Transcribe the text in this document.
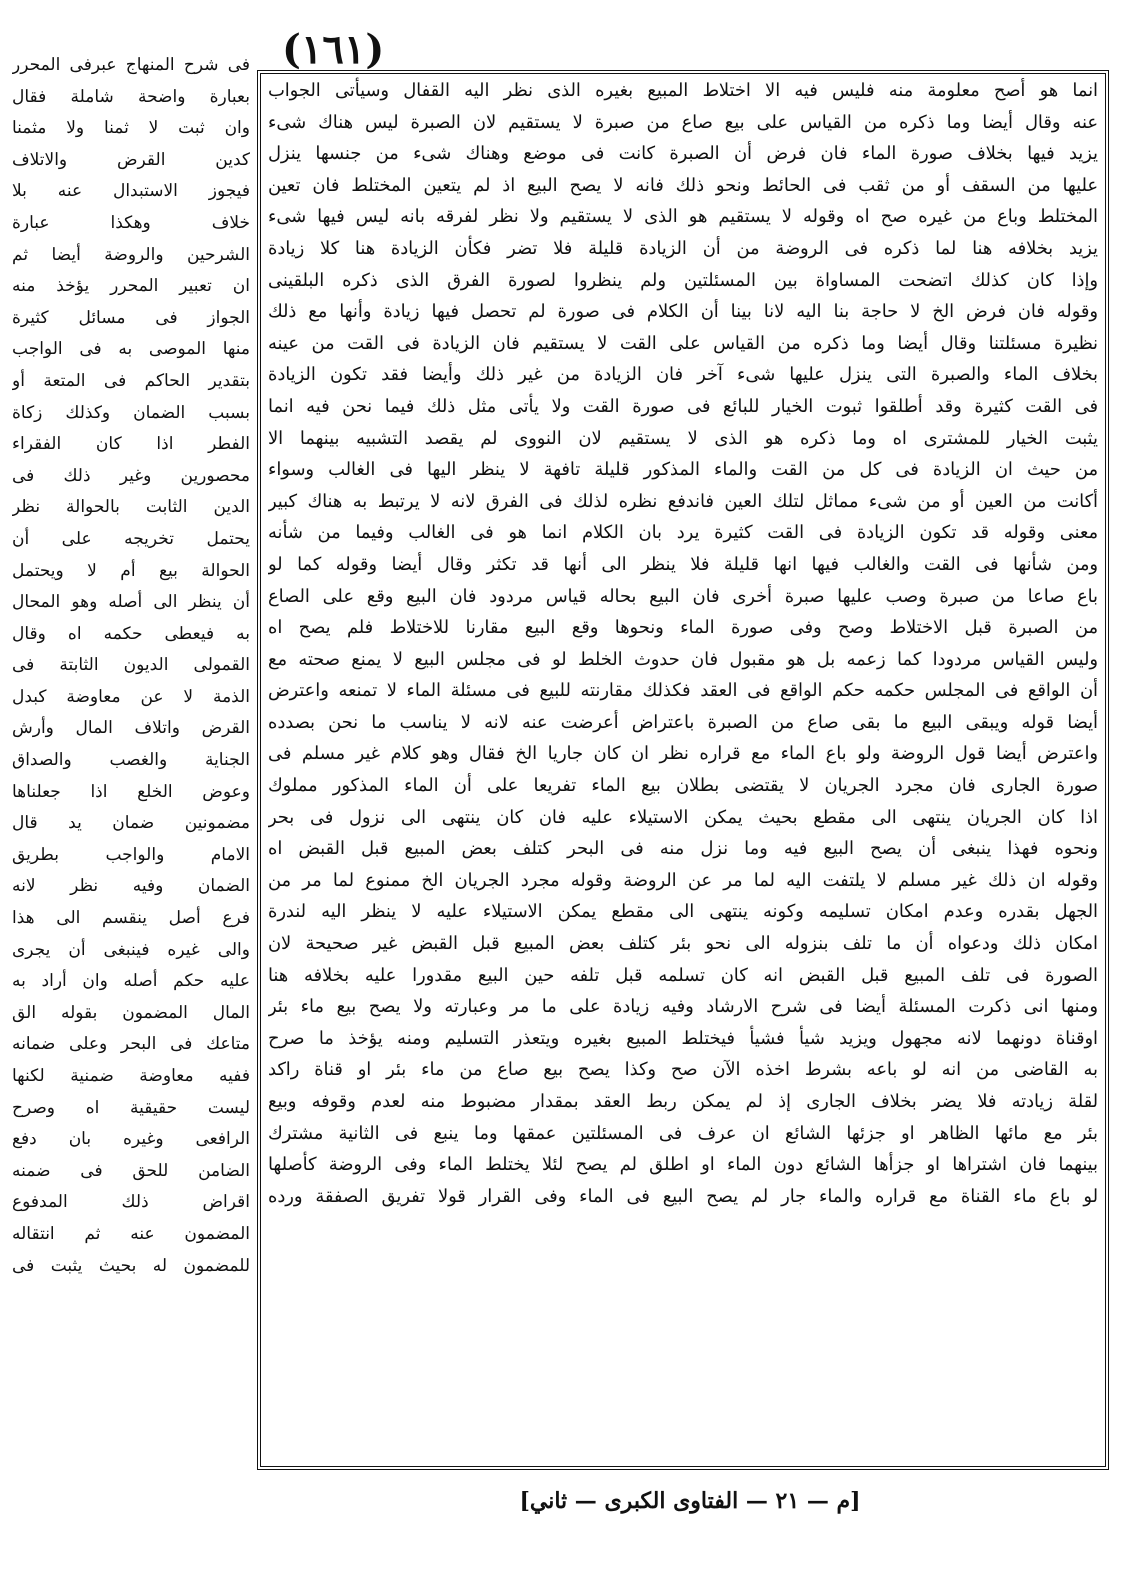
(١٦١)
فى شرح المنهاج عبرفى المحرر
بعبارة واضحة شاملة فقال
وان ثبت لا ثمنا ولا مثمنا
كدين القرض والاتلاف
فيجوز الاستبدال عنه بلا
خلاف وهكذا عبارة
الشرحين والروضة أيضا ثم
ان تعبير المحرر يؤخذ منه
الجواز فى مسائل كثيرة
منها الموصى به فى الواجب
بتقدير الحاكم فى المتعة أو
بسبب الضمان وكذلك زكاة
الفطر اذا كان الفقراء
محصورين وغير ذلك فى
الدين الثابت بالحوالة نظر
يحتمل تخريجه على أن
الحوالة بيع أم لا ويحتمل
أن ينظر الى أصله وهو المحال
به فيعطى حكمه اه وقال
القمولى الديون الثابتة فى
الذمة لا عن معاوضة كبدل
القرض واتلاف المال وأرش
الجناية والغصب والصداق
وعوض الخلع اذا جعلناها
مضمونين ضمان يد قال
الامام والواجب بطريق
الضمان وفيه نظر لانه
فرع أصل ينقسم الى هذا
والى غيره فينبغى أن يجرى
عليه حكم أصله وان أراد به
المال المضمون بقوله الق
متاعك فى البحر وعلى ضمانه
ففيه معاوضة ضمنية لكنها
ليست حقيقية اه وصرح
الرافعى وغيره بان دفع
الضامن للحق فى ضمنه
اقراض ذلك المدفوع
المضمون عنه ثم انتقاله
للمضمون له بحيث يثبت فى
انما هو أصح معلومة منه فليس فيه الا اختلاط المبيع بغيره الذى نظر اليه القفال وسيأتى الجواب
عنه وقال أيضا وما ذكره من القياس على بيع صاع من صبرة لا يستقيم لان الصبرة ليس هناك شىء
يزيد فيها بخلاف صورة الماء فان فرض أن الصبرة كانت فى موضع وهناك شىء من جنسها ينزل
عليها من السقف أو من ثقب فى الحائط ونحو ذلك فانه لا يصح البيع اذ لم يتعين المختلط فان تعين
المختلط وباع من غيره صح اه وقوله لا يستقيم هو الذى لا يستقيم ولا نظر لفرقه بانه ليس فيها شىء
يزيد بخلافه هنا لما ذكره فى الروضة من أن الزيادة قليلة فلا تضر فكأن الزيادة هنا كلا زيادة
وإذا كان كذلك اتضحت المساواة بين المسئلتين ولم ينظروا لصورة الفرق الذى ذكره البلقينى
وقوله فان فرض الخ لا حاجة بنا اليه لانا بينا أن الكلام فى صورة لم تحصل فيها زيادة وأنها مع ذلك
نظيرة مسئلتنا وقال أيضا وما ذكره من القياس على القت لا يستقيم فان الزيادة فى القت من عينه
بخلاف الماء والصبرة التى ينزل عليها شىء آخر فان الزيادة من غير ذلك وأيضا فقد تكون الزيادة
فى القت كثيرة وقد أطلقوا ثبوت الخيار للبائع فى صورة القت ولا يأتى مثل ذلك فيما نحن فيه انما
يثبت الخيار للمشترى اه وما ذكره هو الذى لا يستقيم لان النووى لم يقصد التشبيه بينهما الا
من حيث ان الزيادة فى كل من القت والماء المذكور قليلة تافهة لا ينظر اليها فى الغالب وسواء
أكانت من العين أو من شىء مماثل لتلك العين فاندفع نظره لذلك فى الفرق لانه لا يرتبط به هناك كبير
معنى وقوله قد تكون الزيادة فى القت كثيرة يرد بان الكلام انما هو فى الغالب وفيما من شأنه
ومن شأنها فى القت والغالب فيها انها قليلة فلا ينظر الى أنها قد تكثر وقال أيضا وقوله كما لو
باع صاعا من صبرة وصب عليها صبرة أخرى فان البيع بحاله قياس مردود فان البيع وقع على الصاع
من الصبرة قبل الاختلاط وصح وفى صورة الماء ونحوها وقع البيع مقارنا للاختلاط فلم يصح اه
وليس القياس مردودا كما زعمه بل هو مقبول فان حدوث الخلط لو فى مجلس البيع لا يمنع صحته مع
أن الواقع فى المجلس حكمه حكم الواقع فى العقد فكذلك مقارنته للبيع فى مسئلة الماء لا تمنعه واعترض
أيضا قوله ويبقى البيع ما بقى صاع من الصبرة باعتراض أعرضت عنه لانه لا يناسب ما نحن بصدده
واعترض أيضا قول الروضة ولو باع الماء مع قراره نظر ان كان جاريا الخ فقال وهو كلام غير مسلم فى
صورة الجارى فان مجرد الجريان لا يقتضى بطلان بيع الماء تفريعا على أن الماء المذكور مملوك
اذا كان الجريان ينتهى الى مقطع بحيث يمكن الاستيلاء عليه فان كان ينتهى الى نزول فى بحر
ونحوه فهذا ينبغى أن يصح البيع فيه وما نزل منه فى البحر كتلف بعض المبيع قبل القبض اه
وقوله ان ذلك غير مسلم لا يلتفت اليه لما مر عن الروضة وقوله مجرد الجريان الخ ممنوع لما مر من
الجهل بقدره وعدم امكان تسليمه وكونه ينتهى الى مقطع يمكن الاستيلاء عليه لا ينظر اليه لندرة
امكان ذلك ودعواه أن ما تلف بنزوله الى نحو بئر كتلف بعض المبيع قبل القبض غير صحيحة لان
الصورة فى تلف المبيع قبل القبض انه كان تسلمه قبل تلفه حين البيع مقدورا عليه بخلافه هنا
ومنها انى ذكرت المسئلة أيضا فى شرح الارشاد وفيه زيادة على ما مر وعبارته ولا يصح بيع ماء بئر
اوقناة دونهما لانه مجهول ويزيد شيأ فشيأ فيختلط المبيع بغيره ويتعذر التسليم ومنه يؤخذ ما صرح
به القاضى من انه لو باعه بشرط اخذه الآن صح وكذا يصح بيع صاع من ماء بئر او قناة راكد
لقلة زيادته فلا يضر بخلاف الجارى إذ لم يمكن ربط العقد بمقدار مضبوط منه لعدم وقوفه وبيع
بئر مع مائها الظاهر او جزئها الشائع ان عرف فى المسئلتين عمقها وما ينبع فى الثانية مشترك
بينهما فان اشتراها او جزأها الشائع دون الماء او اطلق لم يصح لئلا يختلط الماء وفى الروضة كأصلها
لو باع ماء القناة مع قراره والماء جار لم يصح البيع فى الماء وفى القرار قولا تفريق الصفقة ورده
[م — ٢١ — الفتاوى الكبرى — ثاني]
